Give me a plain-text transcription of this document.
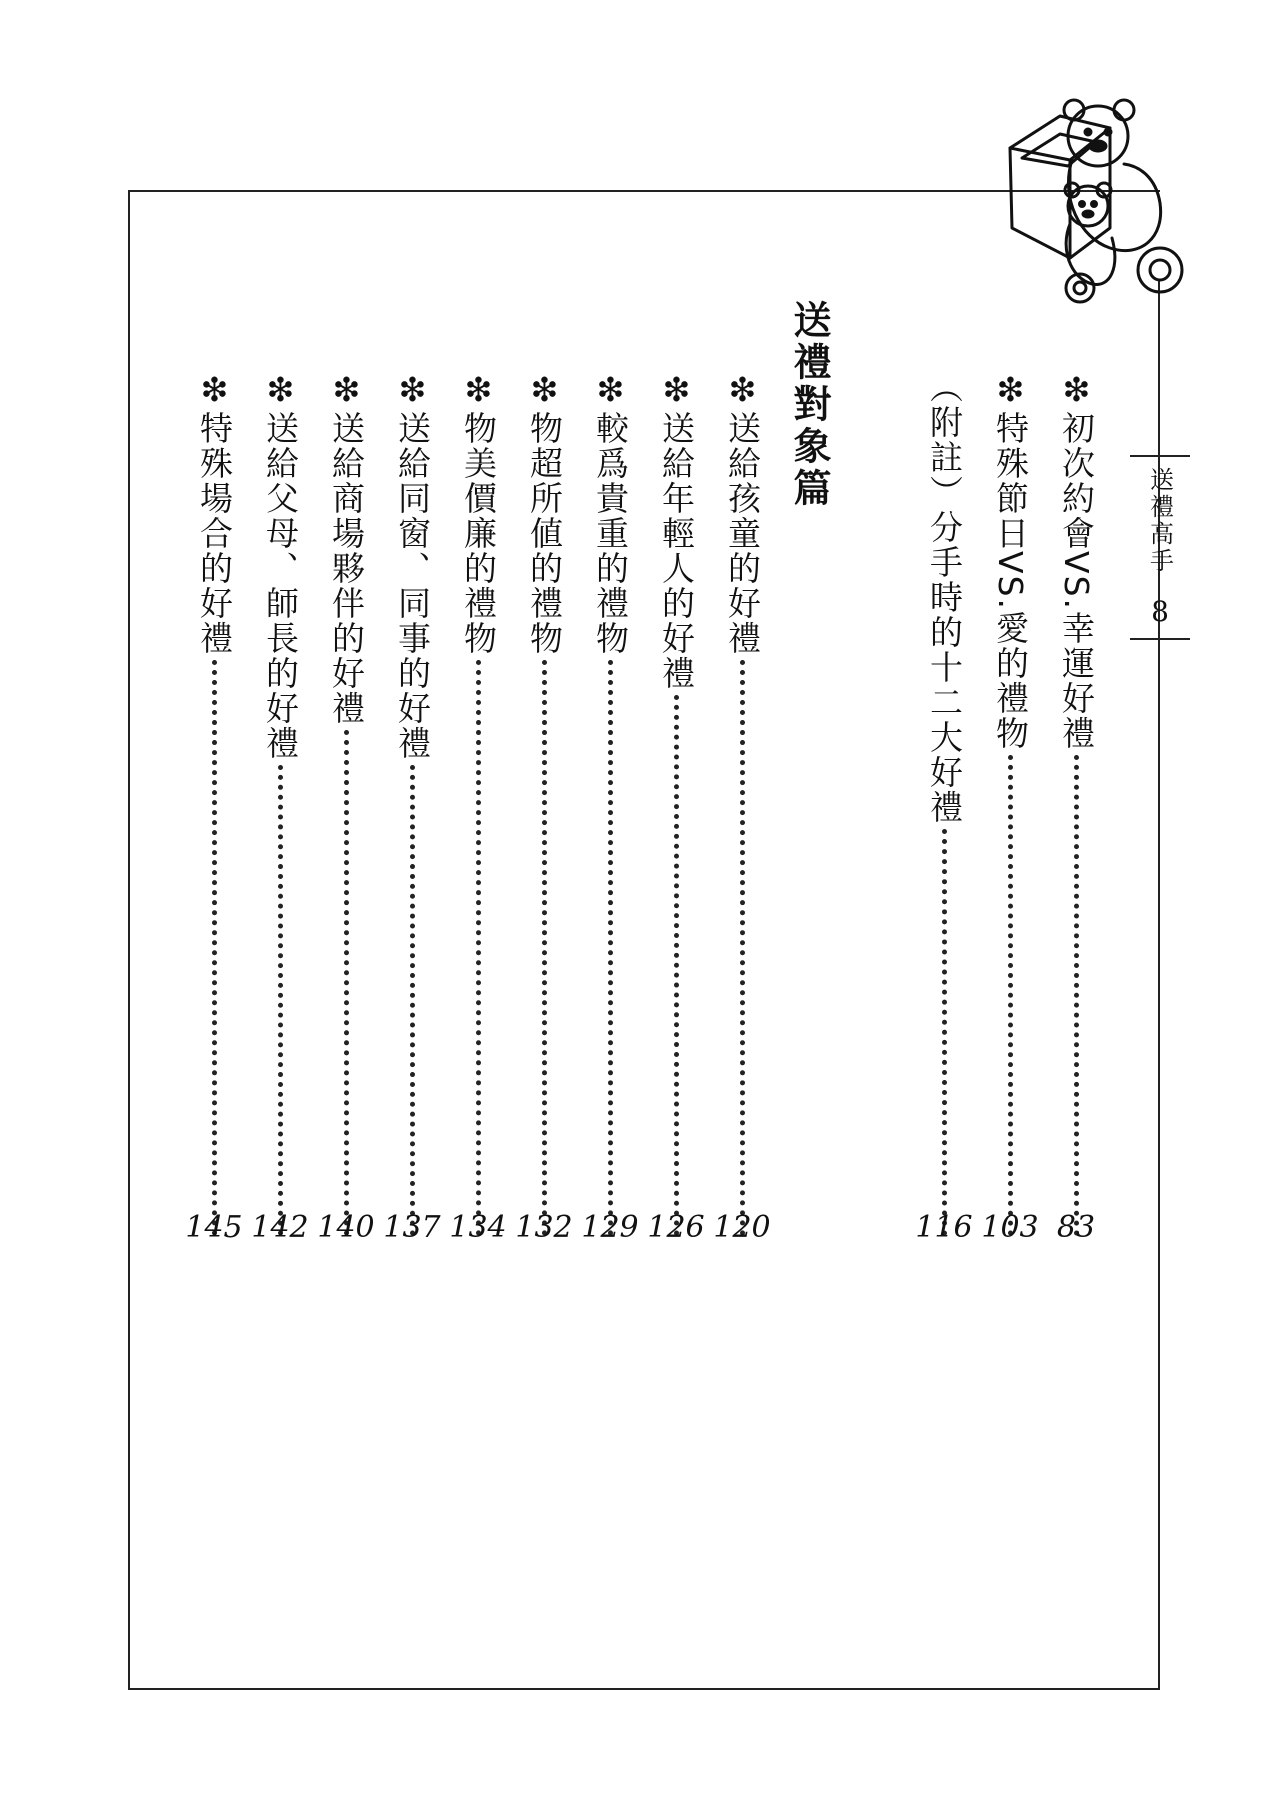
送禮高手
8
送禮對象篇	❇
初次約會VS.幸運好禮
83
❇
特殊節日VS.愛的禮物
103
（附註）分手時的十二大好禮
116
❇
送給孩童的好禮
120
❇
送給年輕人的好禮
126
❇
較爲貴重的禮物
129
❇
物超所値的禮物
132
❇
物美價廉的禮物
134
❇
送給同窗、同事的好禮
137
❇
送給商場夥伴的好禮
140
❇
送給父母、師長的好禮
142
❇
特殊場合的好禮
145
